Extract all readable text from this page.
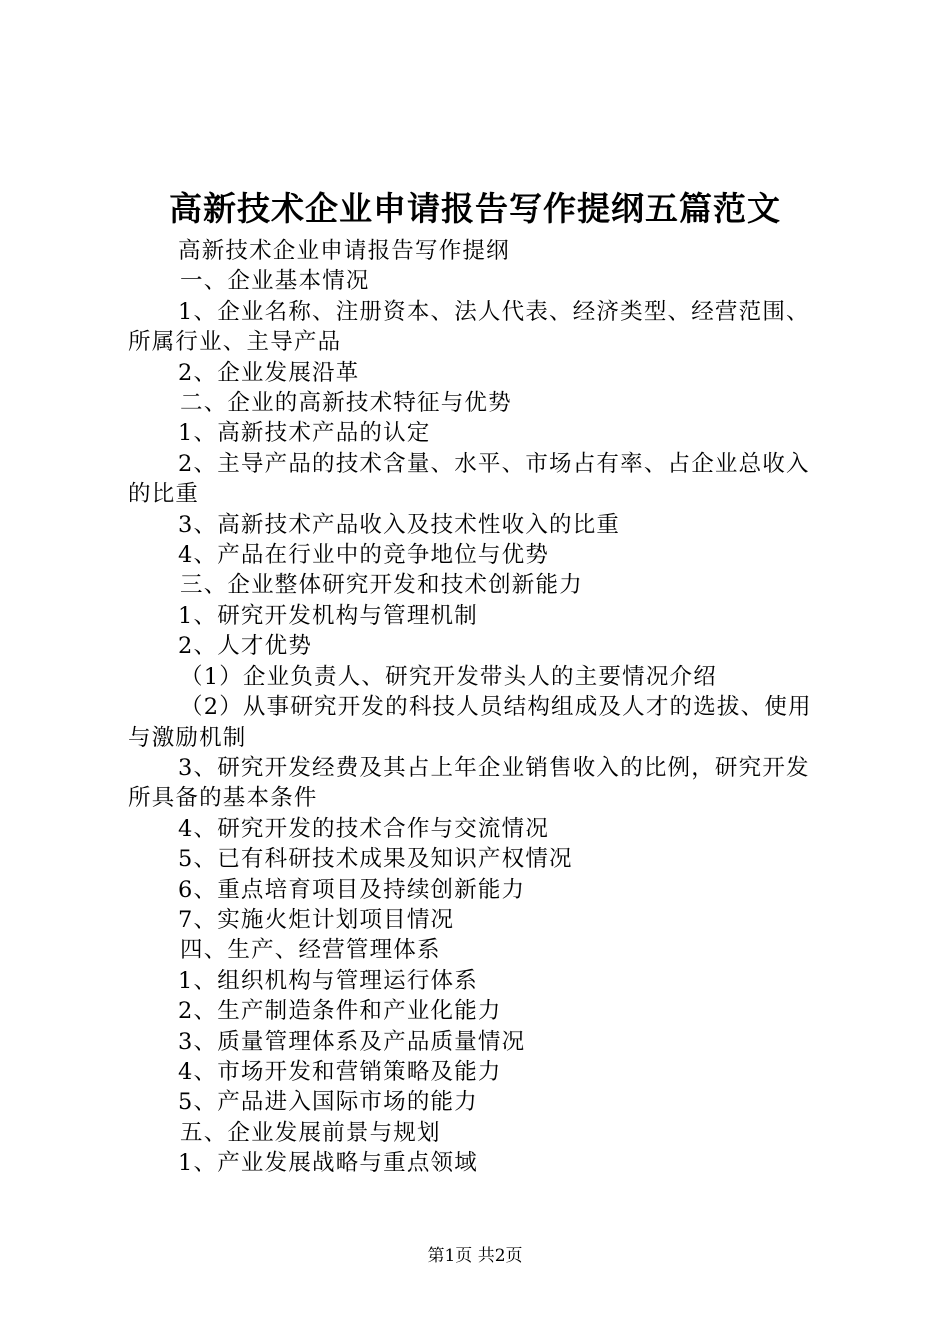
高新技术企业申请报告写作提纲五篇范文

高新技术企业申请报告写作提纲

一、企业基本情况

1、企业名称、注册资本、法人代表、经济类型、经营范围、所属行业、主导产品

2、企业发展沿革

二、企业的高新技术特征与优势

1、高新技术产品的认定

2、主导产品的技术含量、水平、市场占有率、占企业总收入的比重

3、高新技术产品收入及技术性收入的比重

4、产品在行业中的竞争地位与优势

三、企业整体研究开发和技术创新能力

1、研究开发机构与管理机制

2、人才优势

（1）企业负责人、研究开发带头人的主要情况介绍

（2）从事研究开发的科技人员结构组成及人才的选拔、使用与激励机制

3、研究开发经费及其占上年企业销售收入的比例，研究开发所具备的基本条件

4、研究开发的技术合作与交流情况

5、已有科研技术成果及知识产权情况

6、重点培育项目及持续创新能力

7、实施火炬计划项目情况

四、生产、经营管理体系

1、组织机构与管理运行体系

2、生产制造条件和产业化能力

3、质量管理体系及产品质量情况

4、市场开发和营销策略及能力

5、产品进入国际市场的能力

五、企业发展前景与规划

1、产业发展战略与重点领域

第1页 共2页
